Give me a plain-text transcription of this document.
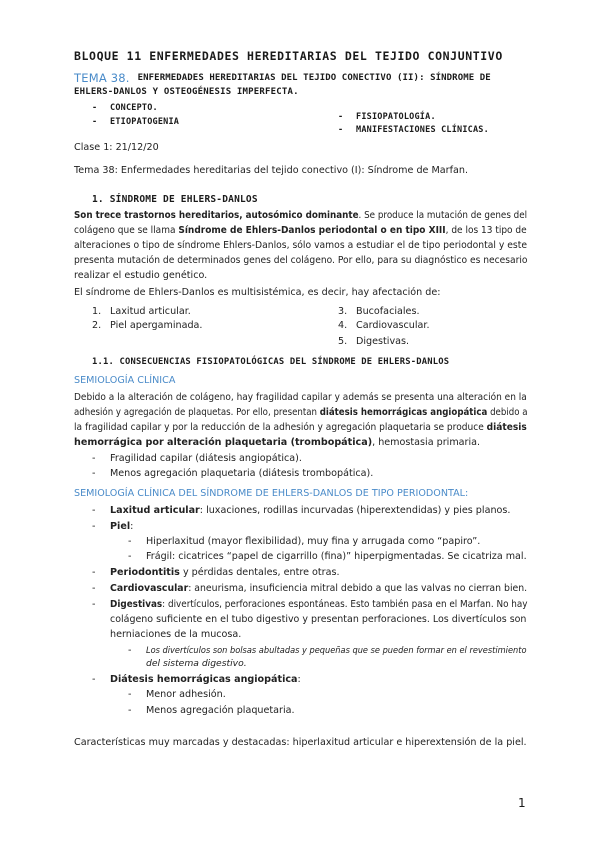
BLOQUE 11 ENFERMEDADES HEREDITARIAS DEL TEJIDO CONJUNTIVO
TEMA 38. ENFERMEDADES HEREDITARIAS DEL TEJIDO CONECTIVO (II): SÍNDROME DE
EHLERS-DANLOS Y OSTEOGÉNESIS IMPERFECTA.
- CONCEPTO.
- ETIOPATOGENIA	- FISIOPATOLOGÍA.
- MANIFESTACIONES CLÍNICAS.
Clase 1: 21/12/20
Tema 38: Enfermedades hereditarias del tejido conectivo (I): Síndrome de Marfan.
1. SÍNDROME DE EHLERS-DANLOS
Son trece trastornos hereditarios, autosómico dominante. Se produce la mutación de genes del
colágeno que se llama Síndrome de Ehlers-Danlos periodontal o en tipo XIII, de los 13 tipo de
alteraciones o tipo de síndrome Ehlers-Danlos, sólo vamos a estudiar el de tipo periodontal y este
presenta mutación de determinados genes del colágeno. Por ello, para su diagnóstico es necesario
realizar el estudio genético.
El síndrome de Ehlers-Danlos es multisistémica, es decir, hay afectación de:
1. Laxitud articular.
2. Piel apergaminada.
3. Bucofaciales.
4. Cardiovascular.
5. Digestivas.
1.1. CONSECUENCIAS FISIOPATOLÓGICAS DEL SÍNDROME DE EHLERS-DANLOS
SEMIOLOGÍA CLÍNICA
Debido a la alteración de colágeno, hay fragilidad capilar y además se presenta una alteración en la
adhesión y agregación de plaquetas. Por ello, presentan diátesis hemorrágicas angiopática debido a
la fragilidad capilar y por la reducción de la adhesión y agregación plaquetaria se produce diátesis
hemorrágica por alteración plaquetaria (trombopática), hemostasia primaria.
- Fragilidad capilar (diátesis angiopática).
- Menos agregación plaquetaria (diátesis trombopática).
SEMIOLOGÍA CLÍNICA DEL SÍNDROME DE EHLERS-DANLOS DE TIPO PERIODONTAL:
- Laxitud articular: luxaciones, rodillas incurvadas (hiperextendidas) y pies planos.
- Piel:
- Hiperlaxitud (mayor flexibilidad), muy fina y arrugada como “papiro”.
- Frágil: cicatrices “papel de cigarrillo (fina)” hiperpigmentadas. Se cicatriza mal.
- Periodontitis y pérdidas dentales, entre otras.
- Cardiovascular: aneurisma, insuficiencia mitral debido a que las valvas no cierran bien.
- Digestivas: divertículos, perforaciones espontáneas. Esto también pasa en el Marfan. No hay
colágeno suficiente en el tubo digestivo y presentan perforaciones. Los divertículos son
herniaciones de la mucosa.
- Los divertículos son bolsas abultadas y pequeñas que se pueden formar en el revestimiento
del sistema digestivo.
- Diátesis hemorrágicas angiopática:
- Menor adhesión.
- Menos agregación plaquetaria.
Características muy marcadas y destacadas: hiperlaxitud articular e hiperextensión de la piel.
1
